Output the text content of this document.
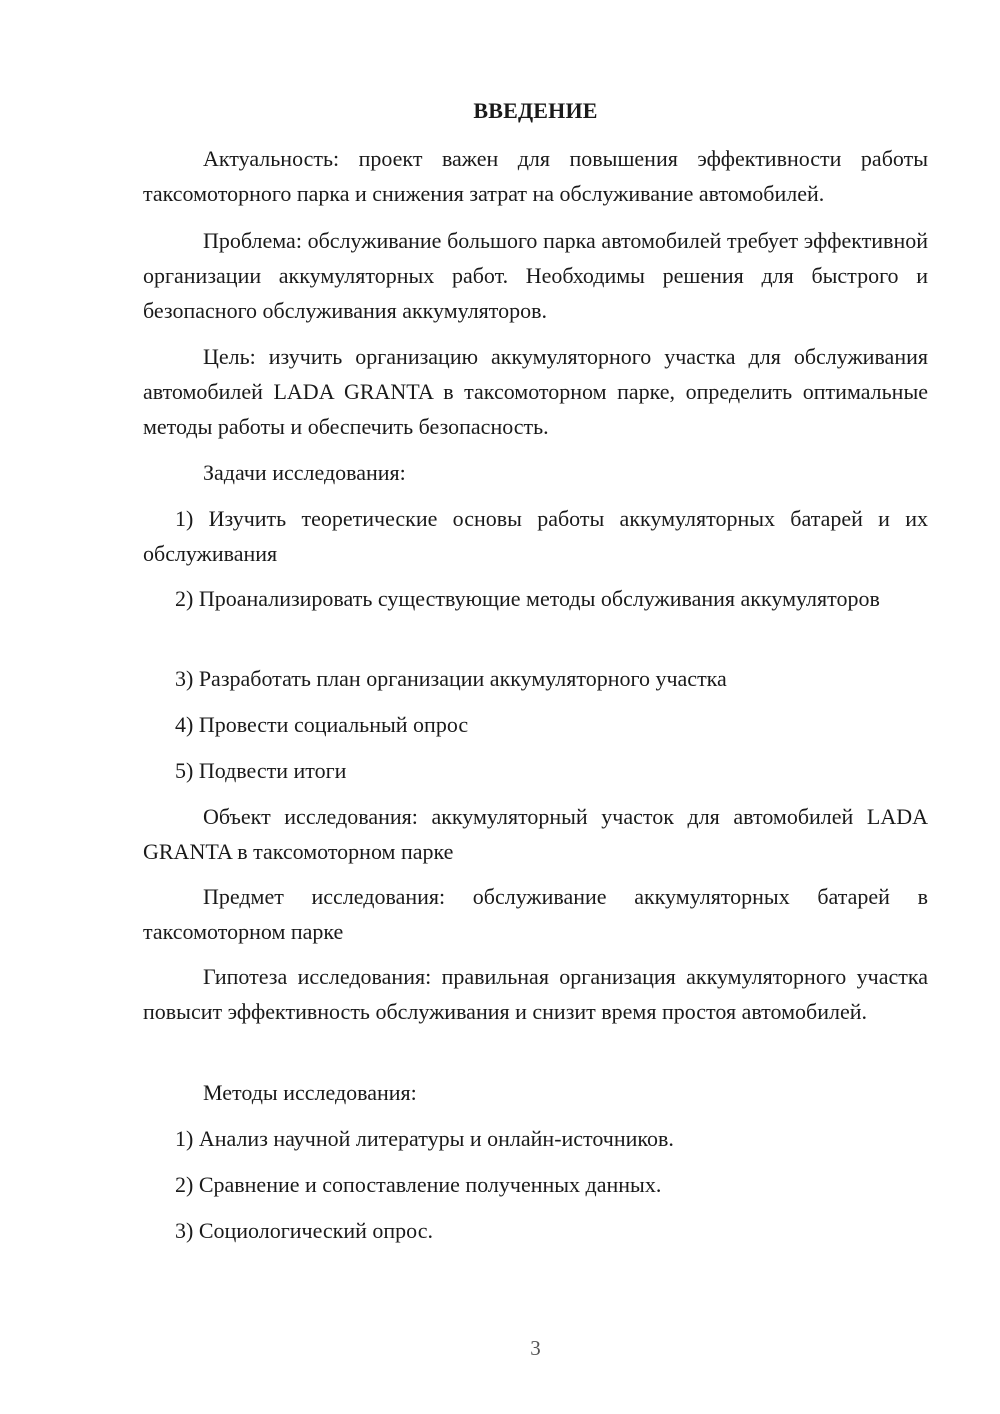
ВВЕДЕНИЕ

Актуальность: проект важен для повышения эффективности работы таксомоторного парка и снижения затрат на обслуживание автомобилей.

Проблема: обслуживание большого парка автомобилей требует эффективной организации аккумуляторных работ. Необходимы решения для быстрого и безопасного обслуживания аккумуляторов.

Цель: изучить организацию аккумуляторного участка для обслуживания автомобилей LADA GRANTA в таксомоторном парке, определить оптимальные методы работы и обеспечить безопасность.

Задачи исследования:

1) Изучить теоретические основы работы аккумуляторных батарей и их обслуживания

2) Проанализировать существующие методы обслуживания аккумуляторов

3) Разработать план организации аккумуляторного участка

4) Провести социальный опрос

5) Подвести итоги

Объект исследования: аккумуляторный участок для автомобилей LADA GRANTA в таксомоторном парке

Предмет исследования: обслуживание аккумуляторных батарей в таксомоторном парке

Гипотеза исследования: правильная организация аккумуляторного участка повысит эффективность обслуживания и снизит время простоя автомобилей.

Методы исследования:

1) Анализ научной литературы и онлайн-источников.

2) Сравнение и сопоставление полученных данных.

3) Социологический опрос.

3
